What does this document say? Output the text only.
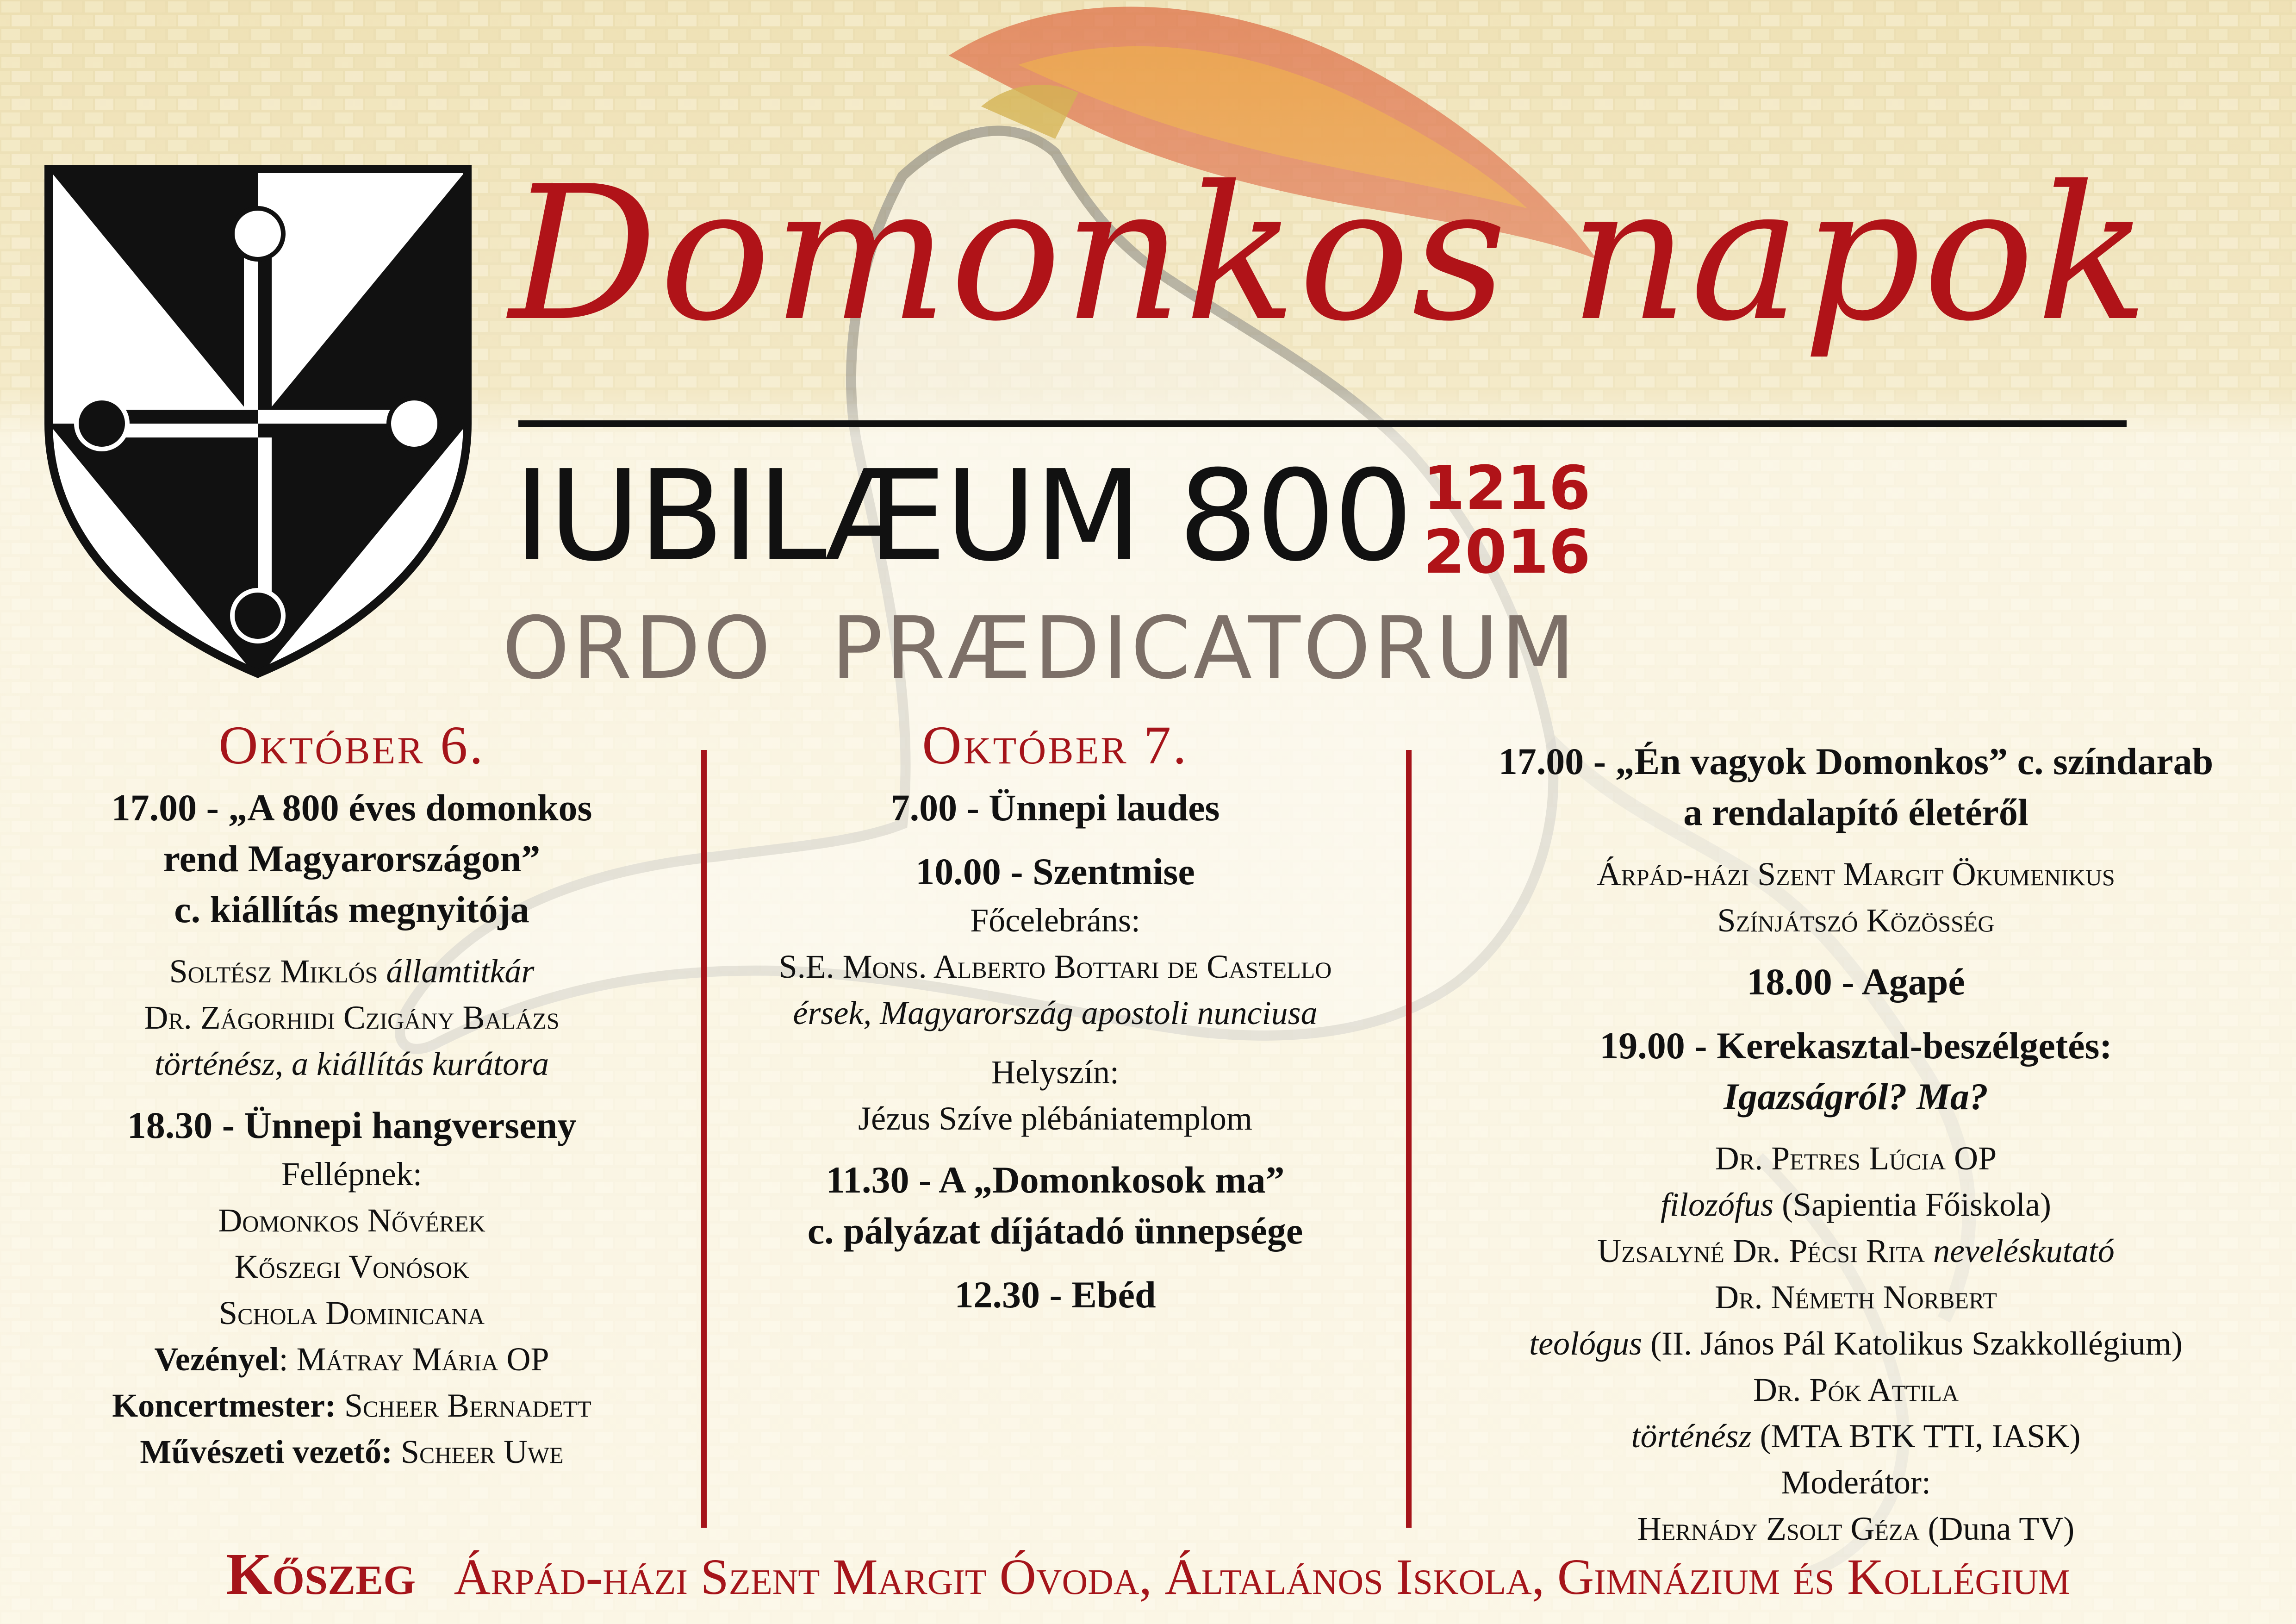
Domonkos napok
IUBILÆUM 800 1216
2016
ORDO PRÆDICATORUM
Október 6.

17.00 - „A 800 éves domonkos

rend Magyarországon”

c. kiállítás megnyitója

Soltész Miklós államtitkár

Dr. Zágorhidi Czigány Balázs

történész, a kiállítás kurátora

18.30 - Ünnepi hangverseny

Fellépnek:

Domonkos Nővérek

Kőszegi Vonósok

Schola Dominicana

Vezényel: Mátray Mária OP

Koncertmester: Scheer Bernadett

Művészeti vezető: Scheer Uwe

Október 7.

7.00 - Ünnepi laudes

10.00 - Szentmise

Főcelebráns:

S.E. Mons. Alberto Bottari de Castello

érsek, Magyarország apostoli nunciusa

Helyszín:

Jézus Szíve plébániatemplom

11.30 - A „Domonkosok ma”

c. pályázat díjátadó ünnepsége

12.30 - Ebéd

17.00 - „Én vagyok Domonkos” c. színdarab

a rendalapító életéről

Árpád-házi Szent Margit Ökumenikus

Színjátszó Közösség

18.00 - Agapé

19.00 - Kerekasztal-beszélgetés:

Igazságról? Ma?

Dr. Petres Lúcia OP

filozófus (Sapientia Főiskola)

Uzsalyné Dr. Pécsi Rita neveléskutató

Dr. Németh Norbert

teológus (II. János Pál Katolikus Szakkollégium)

Dr. Pók Attila

történész (MTA BTK TTI, IASK)

Moderátor:

Hernády Zsolt Géza (Duna TV)

Kőszeg Árpád-házi Szent Margit Óvoda, Általános Iskola, Gimnázium és Kollégium
